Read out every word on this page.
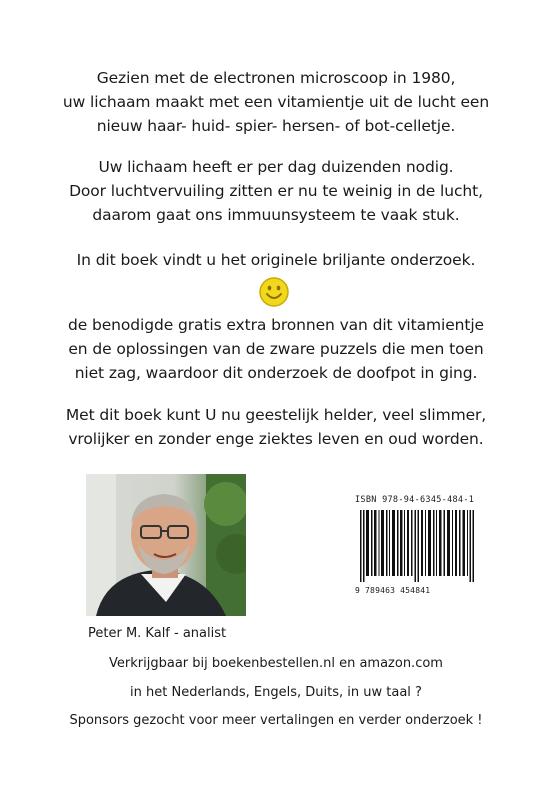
Gezien met de electronen microscoop in 1980,
uw lichaam maakt met een vitamientje uit de lucht een
nieuw haar- huid- spier- hersen- of bot-celletje.
Uw lichaam heeft er per dag duizenden nodig.
Door luchtvervuiling zitten er nu te weinig in de lucht,
daarom gaat ons immuunsysteem te vaak stuk.
In dit boek vindt u het originele briljante onderzoek.
de benodigde gratis extra bronnen van dit vitamientje
en de oplossingen van de zware puzzels die men toen
niet zag, waardoor dit onderzoek de doofpot in ging.
Met dit boek kunt U nu geestelijk helder, veel slimmer,
vrolijker en zonder enge ziektes leven en oud worden.
ISBN 978-94-6345-484-1
9 789463 454841
Peter M. Kalf - analist
Verkrijgbaar bij boekenbestellen.nl en amazon.com
in het Nederlands, Engels, Duits, in uw taal ?
Sponsors gezocht voor meer vertalingen en verder onderzoek !
